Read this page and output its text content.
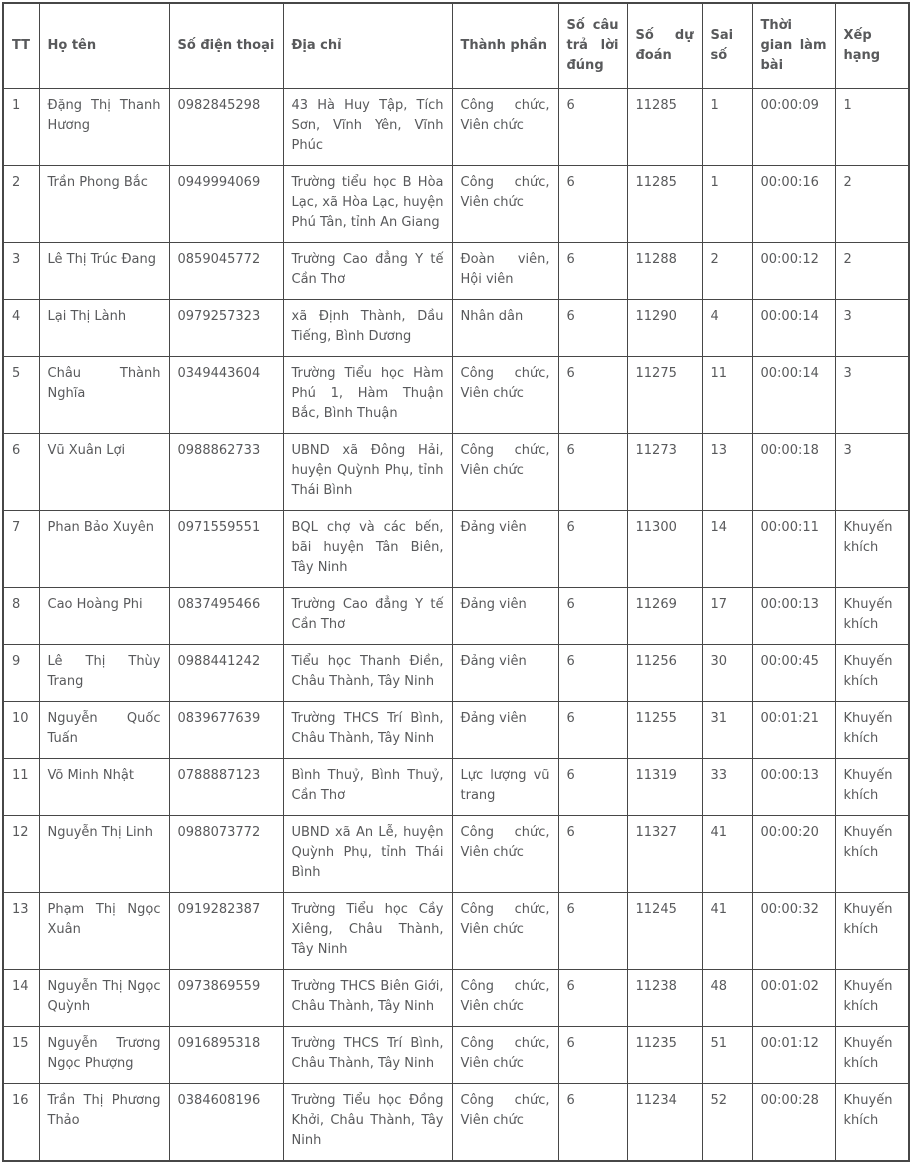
TT	Họ tên	Số điện thoại	Địa chỉ	Thành phần	Số câu trả lời đúng	Số dự đoán	Sai số	Thời gian làm bài	Xếp hạng
1	Đặng Thị Thanh Hương	0982845298	43 Hà Huy Tập, Tích Sơn, Vĩnh Yên, Vĩnh Phúc	Công chức, Viên chức	6	11285	1	00:00:09	1
2	Trần Phong Bắc	0949994069	Trường tiểu học B Hòa Lạc, xã Hòa Lạc, huyện Phú Tân, tỉnh An Giang	Công chức, Viên chức	6	11285	1	00:00:16	2
3	Lê Thị Trúc Đang	0859045772	Trường Cao đẳng Y tế Cần Thơ	Đoàn viên, Hội viên	6	11288	2	00:00:12	2
4	Lại Thị Lành	0979257323	xã Định Thành, Dầu Tiếng, Bình Dương	Nhân dân	6	11290	4	00:00:14	3
5	Châu Thành Nghĩa	0349443604	Trường Tiểu học Hàm Phú 1, Hàm Thuận Bắc, Bình Thuận	Công chức, Viên chức	6	11275	11	00:00:14	3
6	Vũ Xuân Lợi	0988862733	UBND xã Đông Hải, huyện Quỳnh Phụ, tỉnh Thái Bình	Công chức, Viên chức	6	11273	13	00:00:18	3
7	Phan Bảo Xuyên	0971559551	BQL chợ và các bến, bãi huyện Tân Biên, Tây Ninh	Đảng viên	6	11300	14	00:00:11	Khuyến khích
8	Cao Hoàng Phi	0837495466	Trường Cao đẳng Y tế Cần Thơ	Đảng viên	6	11269	17	00:00:13	Khuyến khích
9	Lê Thị Thùy Trang	0988441242	Tiểu học Thanh Điền, Châu Thành, Tây Ninh	Đảng viên	6	11256	30	00:00:45	Khuyến khích
10	Nguyễn Quốc Tuấn	0839677639	Trường THCS Trí Bình, Châu Thành, Tây Ninh	Đảng viên	6	11255	31	00:01:21	Khuyến khích
11	Võ Minh Nhật	0788887123	Bình Thuỷ, Bình Thuỷ, Cần Thơ	Lực lượng vũ trang	6	11319	33	00:00:13	Khuyến khích
12	Nguyễn Thị Linh	0988073772	UBND xã An Lễ, huyện Quỳnh Phụ, tỉnh Thái Bình	Công chức, Viên chức	6	11327	41	00:00:20	Khuyến khích
13	Phạm Thị Ngọc Xuân	0919282387	Trường Tiểu học Cầy Xiêng, Châu Thành, Tây Ninh	Công chức, Viên chức	6	11245	41	00:00:32	Khuyến khích
14	Nguyễn Thị Ngọc Quỳnh	0973869559	Trường THCS Biên Giới, Châu Thành, Tây Ninh	Công chức, Viên chức	6	11238	48	00:01:02	Khuyến khích
15	Nguyễn Trương Ngọc Phượng	0916895318	Trường THCS Trí Bình, Châu Thành, Tây Ninh	Công chức, Viên chức	6	11235	51	00:01:12	Khuyến khích
16	Trần Thị Phương Thảo	0384608196	Trường Tiểu học Đồng Khởi, Châu Thành, Tây Ninh	Công chức, Viên chức	6	11234	52	00:00:28	Khuyến khích
